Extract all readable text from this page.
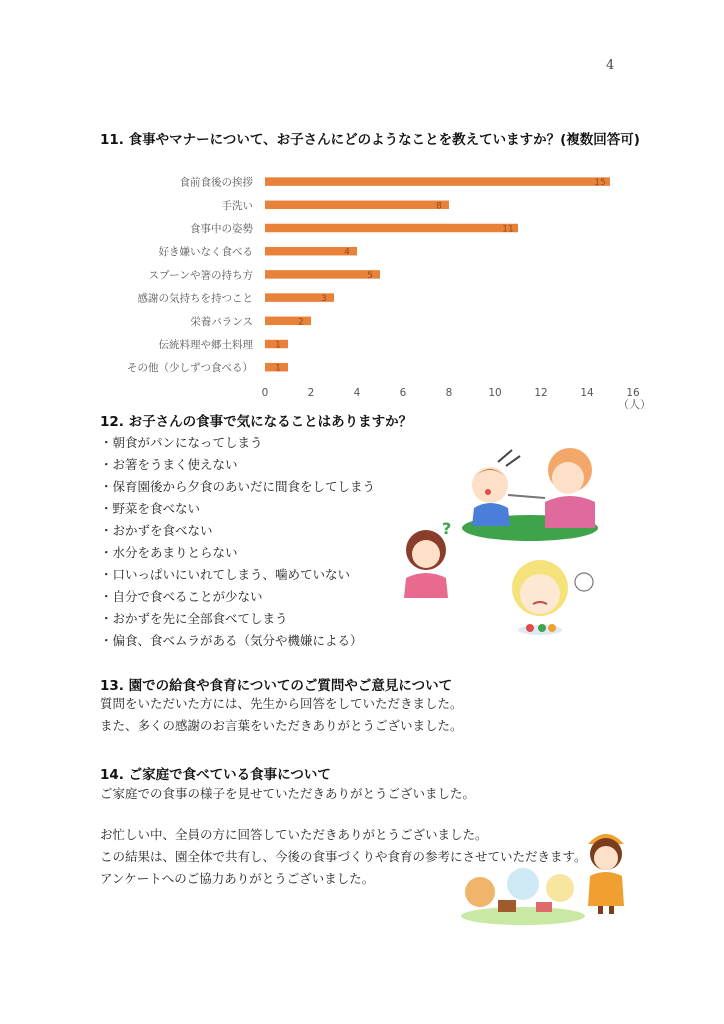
4
11. 食事やマナーについて、お子さんにどのようなことを教えていますか？(複数回答可)
食前食後の挨拶
手洗い
食事中の姿勢
好き嫌いなく食べる
スプーンや箸の持ち方
感謝の気持ちを持つこと
栄養バランス
伝統料理や郷土料理
その他（少しずつ食べる）
15
8
11
4
5
3
2
1
1
0	2	4	6	8	10	12	14	16
（人）
12. お子さんの食事で気になることはありますか？
・朝食がパンになってしまう
・お箸をうまく使えない
・保育園後から夕食のあいだに間食をしてしまう
・野菜を食べない
・おかずを食べない
・水分をあまりとらない
・口いっぱいにいれてしまう、噛めていない
・自分で食べることが少ない
・おかずを先に全部食べてしまう
・偏食、食べムラがある（気分や機嫌による）
?
13. 園での給食や食育についてのご質問やご意見について
質問をいただいた方には、先生から回答をしていただきました。
また、多くの感謝のお言葉をいただきありがとうございました。
14. ご家庭で食べている食事について
ご家庭での食事の様子を見せていただきありがとうございました。
お忙しい中、全員の方に回答していただきありがとうございました。
この結果は、園全体で共有し、今後の食事づくりや食育の参考にさせていただきます。
アンケートへのご協力ありがとうございました。
